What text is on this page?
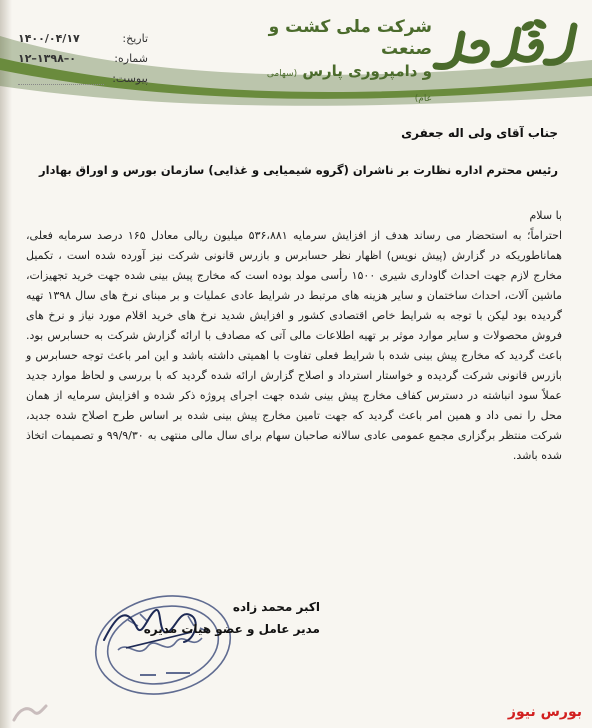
شرکت ملی کشت و صنعت
و دامپروری پارس (سهامی عام)
تاریخ:
۱۴۰۰/۰۴/۱۷
شماره:
۱۲–۱۳۹۸–۰
پیوست:
جناب آقای ولی اله جعفری
رئیس محترم اداره نظارت بر ناشران (گروه شیمیایی و غذایی) سازمان بورس و اوراق بهادار

با سلام

احتراماً؛ به استحضار می رساند هدف از افزایش سرمایه ۵۳۶،۸۸۱ میلیون ریالی معادل ۱۶۵ درصد سرمایه فعلی، هماناطوریکه در گزارش (پیش نویس) اظهار نظر حسابرس و بازرس قانونی شرکت نیز آورده شده است ، تکمیل مخارج لازم جهت احداث گاوداری شیری ۱۵۰۰ رأسی مولد بوده است که مخارج پیش بینی شده جهت خرید تجهیزات، ماشین آلات، احداث ساختمان و سایر هزینه های مرتبط در شرایط عادی عملیات و بر مبنای نرخ های سال ۱۳۹۸ تهیه گردیده بود لیکن با توجه به شرایط خاص اقتصادی کشور و افزایش شدید نرخ های خرید اقلام مورد نیاز و نرخ های فروش محصولات و سایر موارد موثر بر تهیه اطلاعات مالی آتی که مصادف با ارائه گزارش شرکت به حسابرس بود. باعث گردید که مخارج پیش بینی شده با شرایط فعلی تفاوت با اهمیتی داشته باشد و این امر باعث توجه حسابرس و بازرس قانونی شرکت گردیده و خواستار استرداد و اصلاح گزارش ارائه شده گردید که با بررسی و لحاظ موارد جدید عملاً سود انباشته در دسترس کفاف مخارج پیش بینی شده جهت اجرای پروژه ذکر شده و افزایش سرمایه از همان محل را نمی داد و همین امر باعث گردید که جهت تامین مخارج پیش بینی شده بر اساس طرح اصلاح شده جدید، شرکت منتظر برگزاری مجمع عمومی عادی سالانه صاحبان سهام برای سال مالی منتهی به ۹۹/۹/۳۰ و تصمیمات اتخاذ شده باشد.

اکبر محمد زاده
مدیر عامل و عضو هیات مدیره
بورس نیوز
